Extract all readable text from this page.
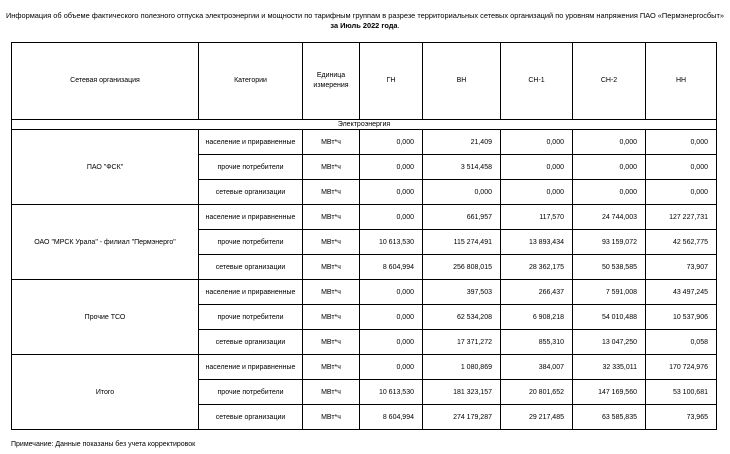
Информация об объеме фактического полезного отпуска электроэнергии и мощности по тарифным группам в разрезе территориальных сетевых организаций по уровням напряжения ПАО «Пермэнергосбыт»
за Июль 2022 года.
Сетевая организация	Категории	Единица измерения	ГН	ВН	СН-1	СН-2	НН
Электроэнергия							
ПАО "ФСК"	население и приравненные	МВт*ч	0,000	21,409	0,000	0,000	0,000
	прочие потребители	МВт*ч	0,000	3 514,458	0,000	0,000	0,000
	сетевые организации	МВт*ч	0,000	0,000	0,000	0,000	0,000
ОАО "МРСК Урала" - филиал "Пермэнерго"	население и приравненные	МВт*ч	0,000	661,957	117,570	24 744,003	127 227,731
	прочие потребители	МВт*ч	10 613,530	115 274,491	13 893,434	93 159,072	42 562,775
	сетевые организации	МВт*ч	8 604,994	256 808,015	28 362,175	50 538,585	73,907
Прочие ТСО	население и приравненные	МВт*ч	0,000	397,503	266,437	7 591,008	43 497,245
	прочие потребители	МВт*ч	0,000	62 534,208	6 908,218	54 010,488	10 537,906
	сетевые организации	МВт*ч	0,000	17 371,272	855,310	13 047,250	0,058
Итого	население и приравненные	МВт*ч	0,000	1 080,869	384,007	32 335,011	170 724,976
	прочие потребители	МВт*ч	10 613,530	181 323,157	20 801,652	147 169,560	53 100,681
	сетевые организации	МВт*ч	8 604,994	274 179,287	29 217,485	63 585,835	73,965
Примечание: Данные показаны без учета корректировок
